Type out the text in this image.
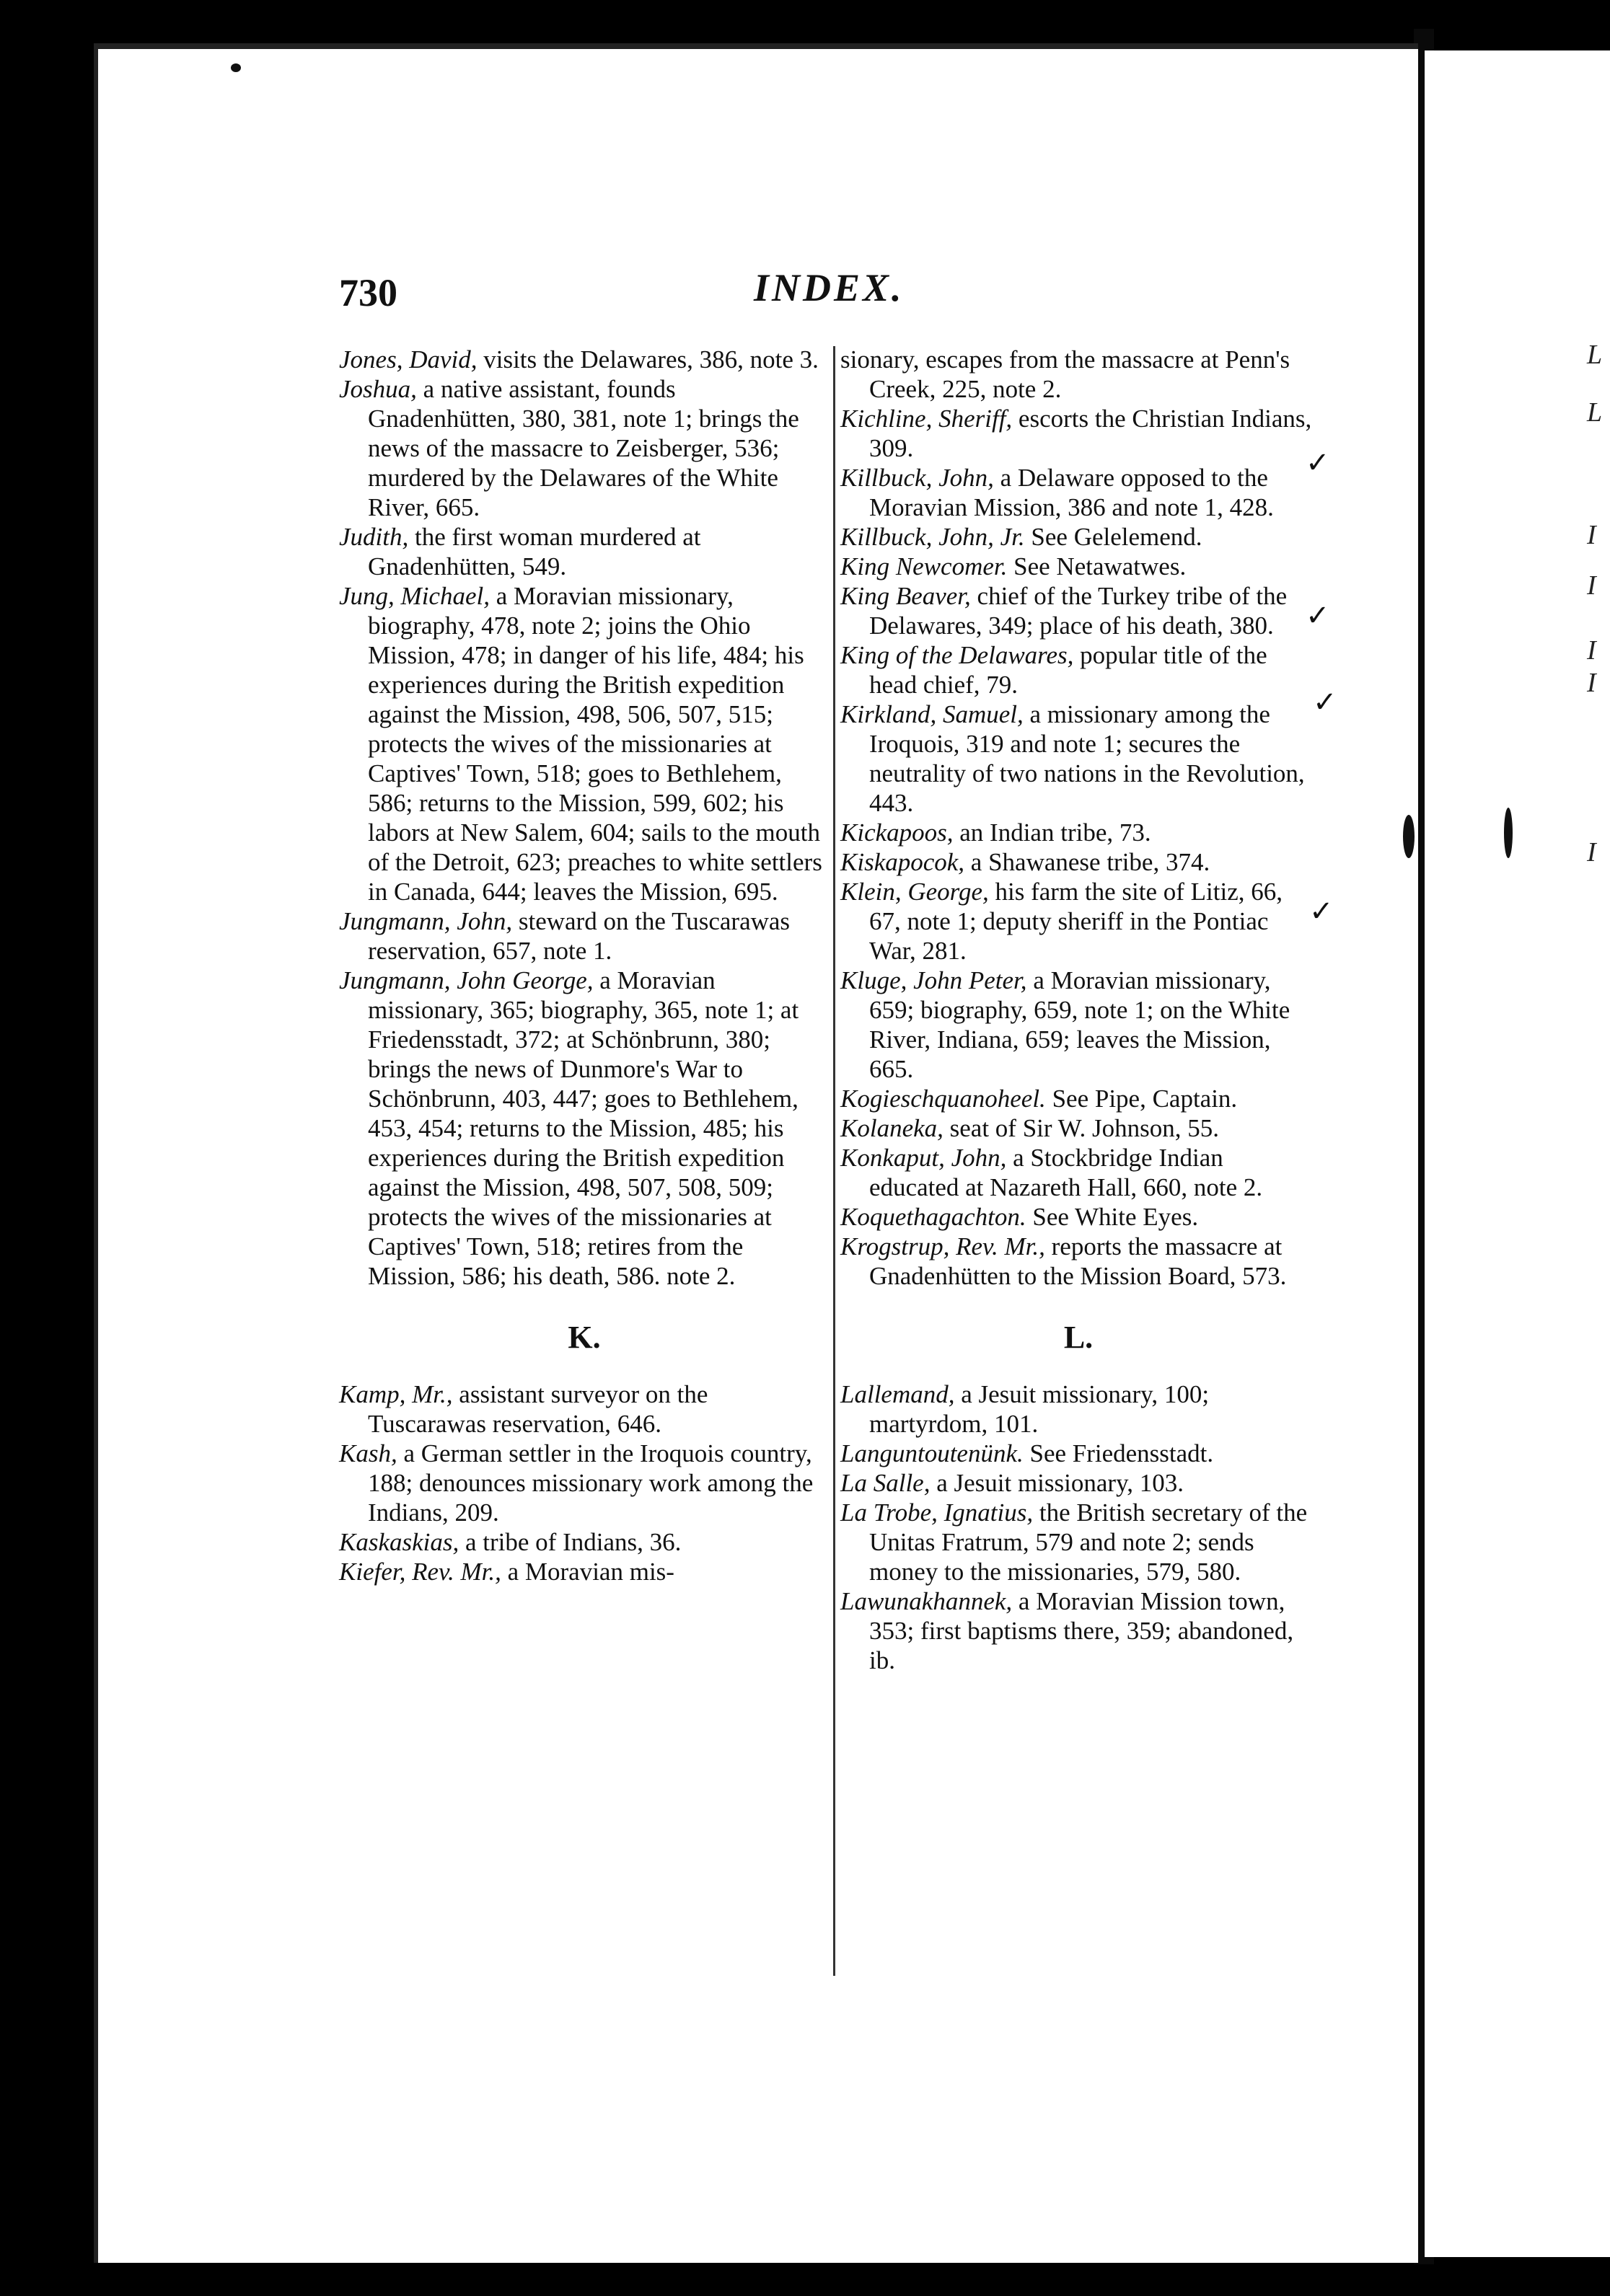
L
L
I
I
I
I
I
730	INDEX.

Jones, David, visits the Delawares, 386, note 3.

Joshua, a native assistant, founds Gnadenhütten, 380, 381, note 1; brings the news of the massacre to Zeisberger, 536; murdered by the Delawares of the White River, 665.

Judith, the first woman murdered at Gnadenhütten, 549.

Jung, Michael, a Moravian missionary, biography, 478, note 2; joins the Ohio Mission, 478; in danger of his life, 484; his experiences during the British expedition against the Mission, 498, 506, 507, 515; protects the wives of the missionaries at Captives' Town, 518; goes to Bethlehem, 586; returns to the Mission, 599, 602; his labors at New Salem, 604; sails to the mouth of the Detroit, 623; preaches to white settlers in Canada, 644; leaves the Mission, 695.

Jungmann, John, steward on the Tuscarawas reservation, 657, note 1.

Jungmann, John George, a Moravian missionary, 365; biography, 365, note 1; at Friedensstadt, 372; at Schönbrunn, 380; brings the news of Dunmore's War to Schönbrunn, 403, 447; goes to Bethlehem, 453, 454; returns to the Mission, 485; his experiences during the British expedition against the Mission, 498, 507, 508, 509; protects the wives of the missionaries at Captives' Town, 518; retires from the Mission, 586; his death, 586. note 2.

K.

Kamp, Mr., assistant surveyor on the Tuscarawas reservation, 646.

Kash, a German settler in the Iroquois country, 188; denounces missionary work among the Indians, 209.

Kaskaskias, a tribe of Indians, 36.

Kiefer, Rev. Mr., a Moravian mis-

sionary, escapes from the massacre at Penn's Creek, 225, note 2.

Kichline, Sheriff, escorts the Christian Indians, 309.

Killbuck, John, a Delaware opposed to the Moravian Mission, 386 and note 1, 428.

Killbuck, John, Jr. See Gelelemend.

King Newcomer. See Netawatwes.

King Beaver, chief of the Turkey tribe of the Delawares, 349; place of his death, 380.

King of the Delawares, popular title of the head chief, 79.

Kirkland, Samuel, a missionary among the Iroquois, 319 and note 1; secures the neutrality of two nations in the Revolution, 443.

Kickapoos, an Indian tribe, 73.

Kiskapocok, a Shawanese tribe, 374.

Klein, George, his farm the site of Litiz, 66, 67, note 1; deputy sheriff in the Pontiac War, 281.

Kluge, John Peter, a Moravian missionary, 659; biography, 659, note 1; on the White River, Indiana, 659; leaves the Mission, 665.

Kogieschquanoheel. See Pipe, Captain.

Kolaneka, seat of Sir W. Johnson, 55.

Konkaput, John, a Stockbridge Indian educated at Nazareth Hall, 660, note 2.

Koquethagachton. See White Eyes.

Krogstrup, Rev. Mr., reports the massacre at Gnadenhütten to the Mission Board, 573.

L.

Lallemand, a Jesuit missionary, 100; martyrdom, 101.

Languntoutenünk. See Friedensstadt.

La Salle, a Jesuit missionary, 103.

La Trobe, Ignatius, the British secretary of the Unitas Fratrum, 579 and note 2; sends money to the missionaries, 579, 580.

Lawunakhannek, a Moravian Mission town, 353; first baptisms there, 359; abandoned, ib.

✓
✓
✓
✓
